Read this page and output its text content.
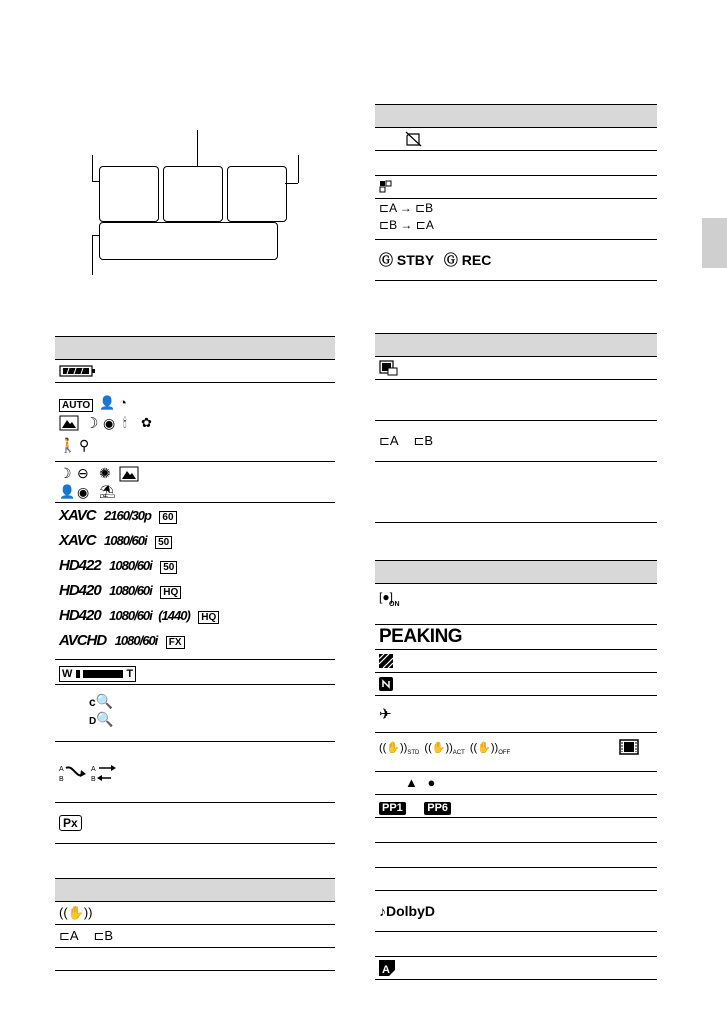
AUTO 👤 ◔
☽ ◉ 🕯 ✿
🚶 ⚲
☽ ⊖ ✺
👤 ◉ ⛱
XAVC 2160/30p 60
XAVC 1080/60i 50
HD422 1080/60i 50
HD420 1080/60i HQ
HD420 1080/60i (1440) HQ
AVCHD 1080/60i FX
W	T
c🔍
D🔍
A
B
A
B
Px
((✋))
⊏A ⊏B
⊏A → ⊏B
⊏B → ⊏A
Ⓖ STBY Ⓖ REC
⊏A ⊏B
[●]
ON
PEAKING
✈
$((✋))_{STD}$ $((✋))_{ACT}$ $((✋))_{OFF}$
▲ ●
PP1 PP6
♪DolbyD
A
